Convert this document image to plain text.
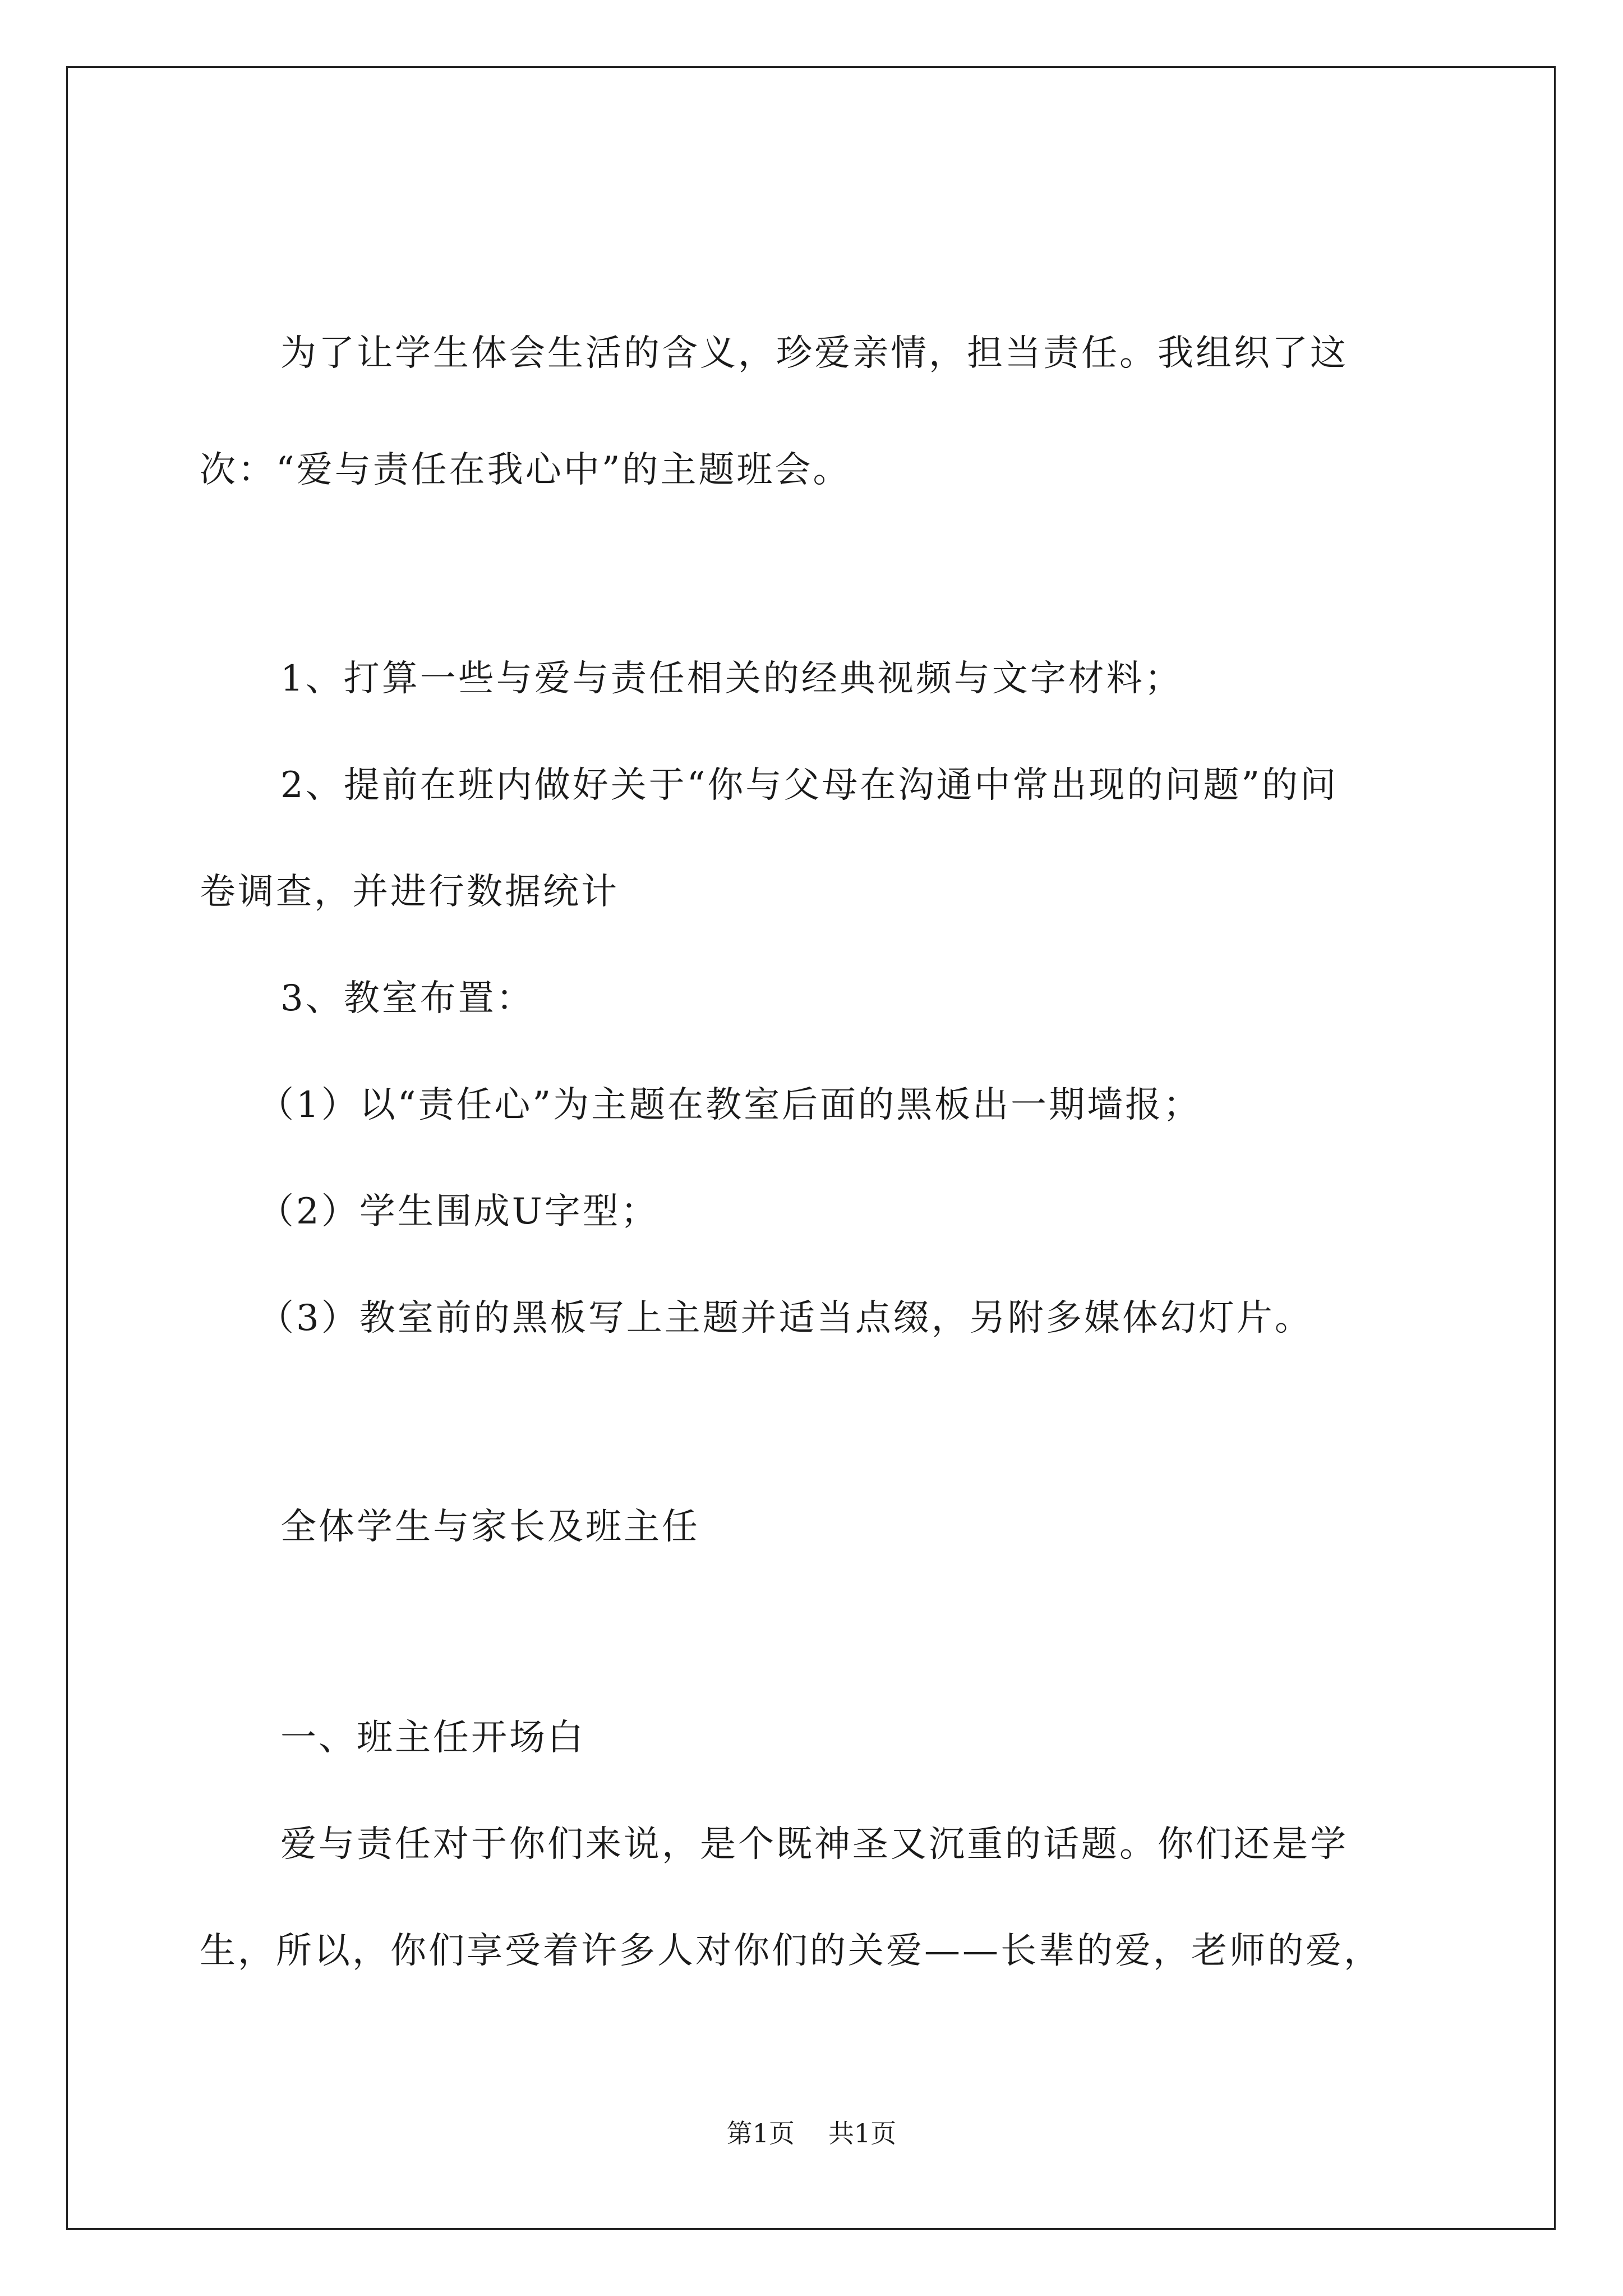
为了让学生体会生活的含义，珍爱亲情，担当责任。我组织了这
次：“爱与责任在我心中”的主题班会。
1、打算一些与爱与责任相关的经典视频与文字材料；
2、提前在班内做好关于“你与父母在沟通中常出现的问题”的问
卷调查，并进行数据统计
3、教室布置：
（1）以“责任心”为主题在教室后面的黑板出一期墙报；
（2）学生围成U字型；
（3）教室前的黑板写上主题并适当点缀，另附多媒体幻灯片。
全体学生与家长及班主任
一、班主任开场白
爱与责任对于你们来说，是个既神圣又沉重的话题。你们还是学
生，所以，你们享受着许多人对你们的关爱——长辈的爱，老师的爱，
第1页 共1页
